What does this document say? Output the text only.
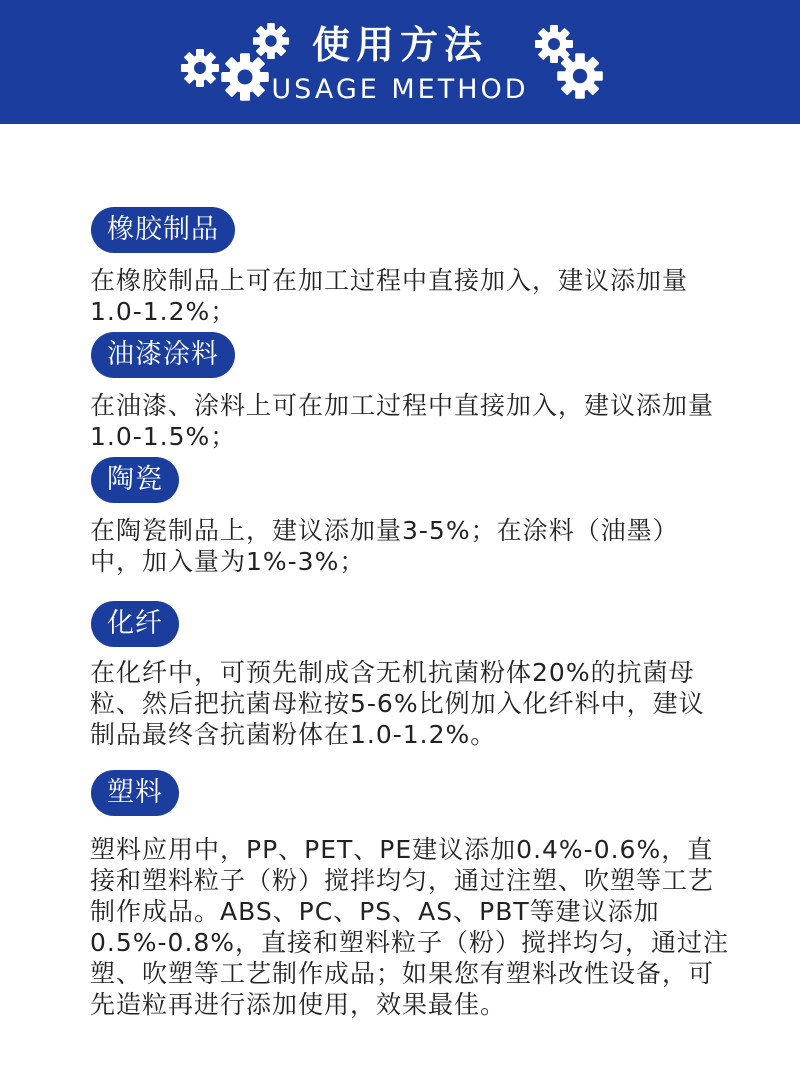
使用方法
USAGE METHOD
橡胶制品
在橡胶制品上可在加工过程中直接加入，建议添加量1.0-1.2%；
油漆涂料
在油漆、涂料上可在加工过程中直接加入，建议添加量1.0-1.5%；
陶瓷
在陶瓷制品上，建议添加量3-5%；在涂料（油墨）中，加入量为1%-3%；
化纤
在化纤中，可预先制成含无机抗菌粉体20%的抗菌母粒、然后把抗菌母粒按5-6%比例加入化纤料中，建议制品最终含抗菌粉体在1.0-1.2%。
塑料
塑料应用中，PP、PET、PE建议添加0.4%-0.6%，直接和塑料粒子（粉）搅拌均匀，通过注塑、吹塑等工艺制作成品。ABS、PC、PS、AS、PBT等建议添加0.5%-0.8%，直接和塑料粒子（粉）搅拌均匀，通过注塑、吹塑等工艺制作成品；如果您有塑料改性设备，可先造粒再进行添加使用，效果最佳。
